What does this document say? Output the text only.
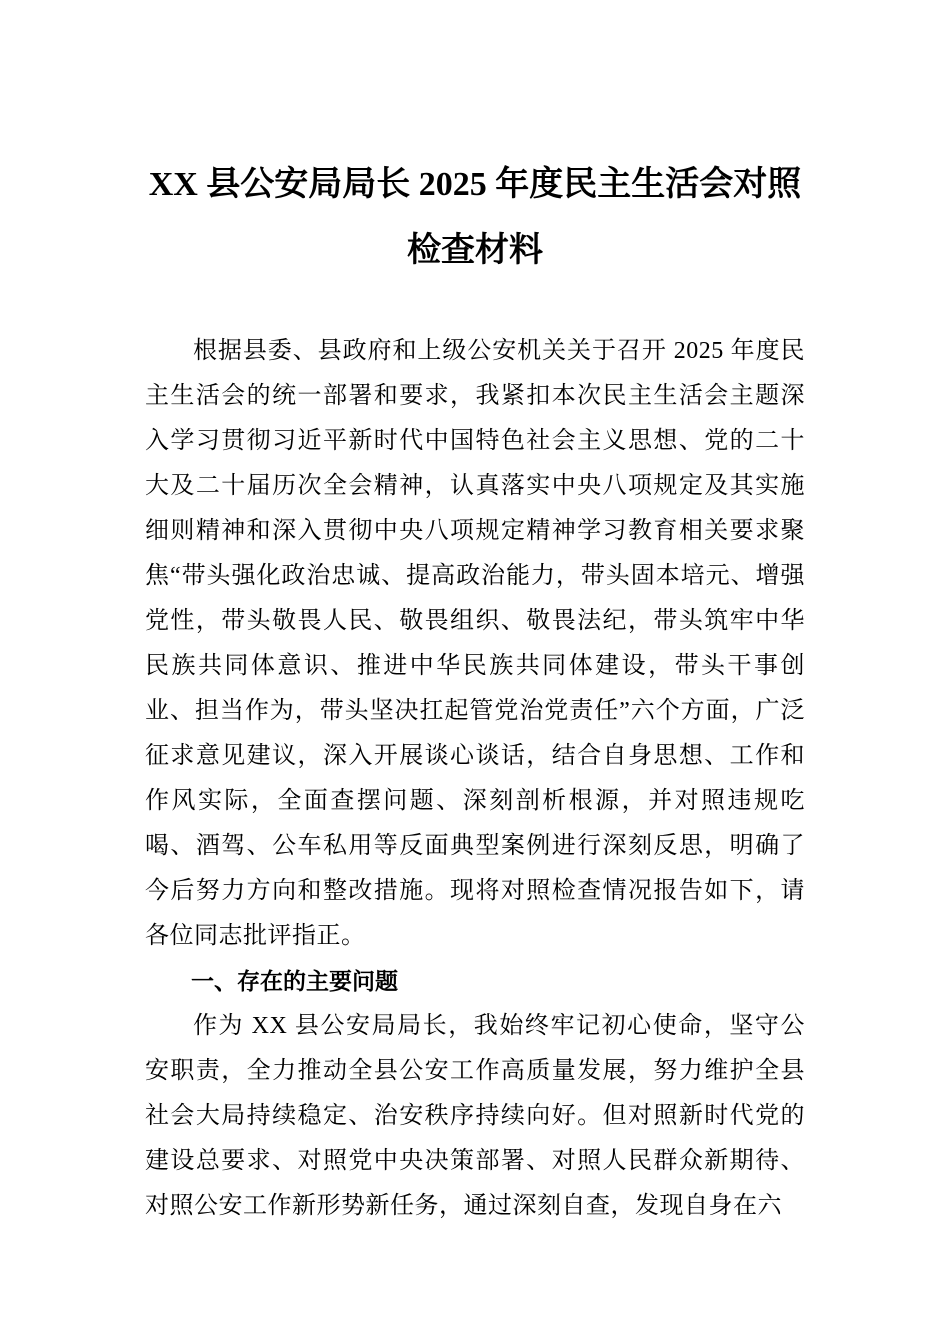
XX 县公安局局长 2025 年度民主生活会对照检查材料

根据县委、县政府和上级公安机关关于召开 2025 年度民主生活会的统一部署和要求，我紧扣本次民主生活会主题深入学习贯彻习近平新时代中国特色社会主义思想、党的二十大及二十届历次全会精神，认真落实中央八项规定及其实施细则精神和深入贯彻中央八项规定精神学习教育相关要求聚焦“带头强化政治忠诚、提高政治能力，带头固本培元、增强党性，带头敬畏人民、敬畏组织、敬畏法纪，带头筑牢中华民族共同体意识、推进中华民族共同体建设，带头干事创业、担当作为，带头坚决扛起管党治党责任”六个方面，广泛征求意见建议，深入开展谈心谈话，结合自身思想、工作和作风实际，全面查摆问题、深刻剖析根源，并对照违规吃喝、酒驾、公车私用等反面典型案例进行深刻反思，明确了今后努力方向和整改措施。现将对照检查情况报告如下，请各位同志批评指正。

一、存在的主要问题

作为 XX 县公安局局长，我始终牢记初心使命，坚守公安职责，全力推动全县公安工作高质量发展，努力维护全县社会大局持续稳定、治安秩序持续向好。但对照新时代党的建设总要求、对照党中央决策部署、对照人民群众新期待、对照公安工作新形势新任务，通过深刻自查，发现自身在六
